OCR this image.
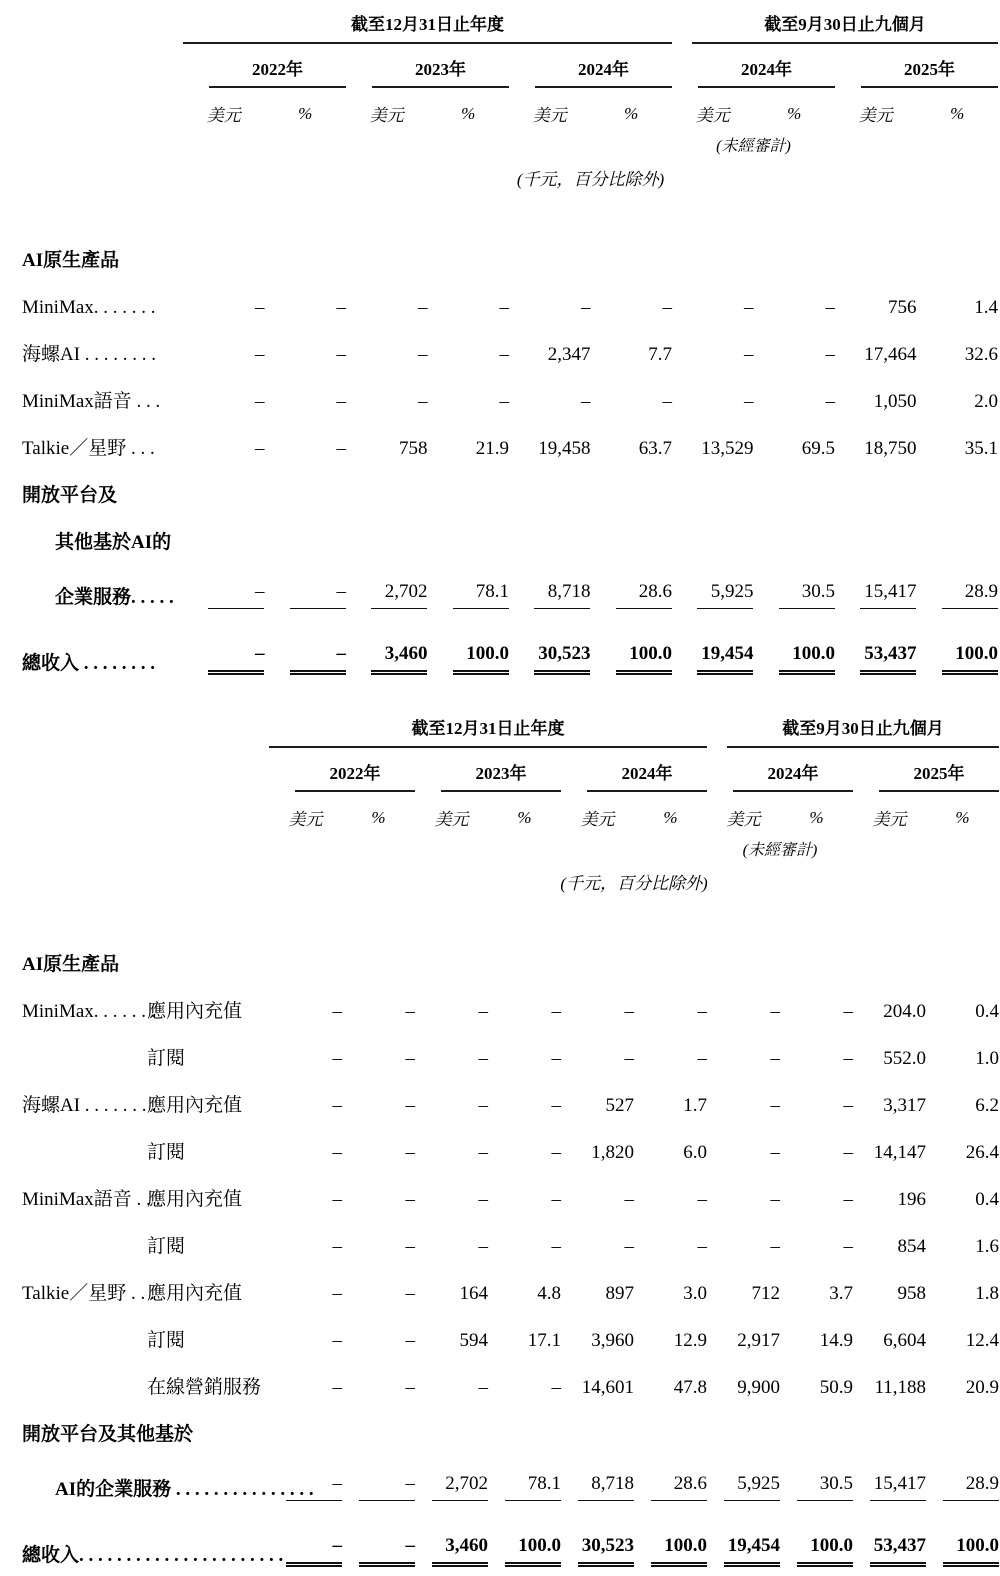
	截至12月31日止年度						截至9月30日止九個月			

	2022年		2023年		2024年		2024年		2025年	

	美元	%	美元	%	美元	%	美元	%	美元	%
							(未經審計)			
	(千元，百分比除外)									

AI原生產品										
MiniMax. . . . . . .	–	–	–	–	–	–	–	–	756	1.4
海螺AI . . . . . . . .	–	–	–	–	2,347	7.7	–	–	17,464	32.6
MiniMax語音 . . .	–	–	–	–	–	–	–	–	1,050	2.0
Talkie／星野 . . .	–	–	758	21.9	19,458	63.7	13,529	69.5	18,750	35.1
開放平台及										
其他基於AI的										
企業服務. . . . .	–	–	2,702	78.1	8,718	28.6	5,925	30.5	15,417	28.9
總收入 . . . . . . . .	–	–	3,460	100.0	30,523	100.0	19,454	100.0	53,437	100.0

		截至12月31日止年度						截至9月30日止九個月			

		2022年		2023年		2024年		2024年		2025年	

		美元	%	美元	%	美元	%	美元	%	美元	%
								(未經審計)			
		(千元，百分比除外)									

AI原生產品											
MiniMax. . . . . . .	應用內充值	–	–	–	–	–	–	–	–	204.0	0.4
	訂閱	–	–	–	–	–	–	–	–	552.0	1.0
海螺AI . . . . . . . .	應用內充值	–	–	–	–	527	1.7	–	–	3,317	6.2
	訂閱	–	–	–	–	1,820	6.0	–	–	14,147	26.4
MiniMax語音 . . .	應用內充值	–	–	–	–	–	–	–	–	196	0.4
	訂閱	–	–	–	–	–	–	–	–	854	1.6
Talkie／星野 . . .	應用內充值	–	–	164	4.8	897	3.0	712	3.7	958	1.8
	訂閱	–	–	594	17.1	3,960	12.9	2,917	14.9	6,604	12.4
	在線營銷服務	–	–	–	–	14,601	47.8	9,900	50.9	11,188	20.9
開放平台及其他基於											
AI的企業服務 . . . . . . . . . . . . . . .		–	–	2,702	78.1	8,718	28.6	5,925	30.5	15,417	28.9
總收入. . . . . . . . . . . . . . . . . . . . . .		–	–	3,460	100.0	30,523	100.0	19,454	100.0	53,437	100.0
